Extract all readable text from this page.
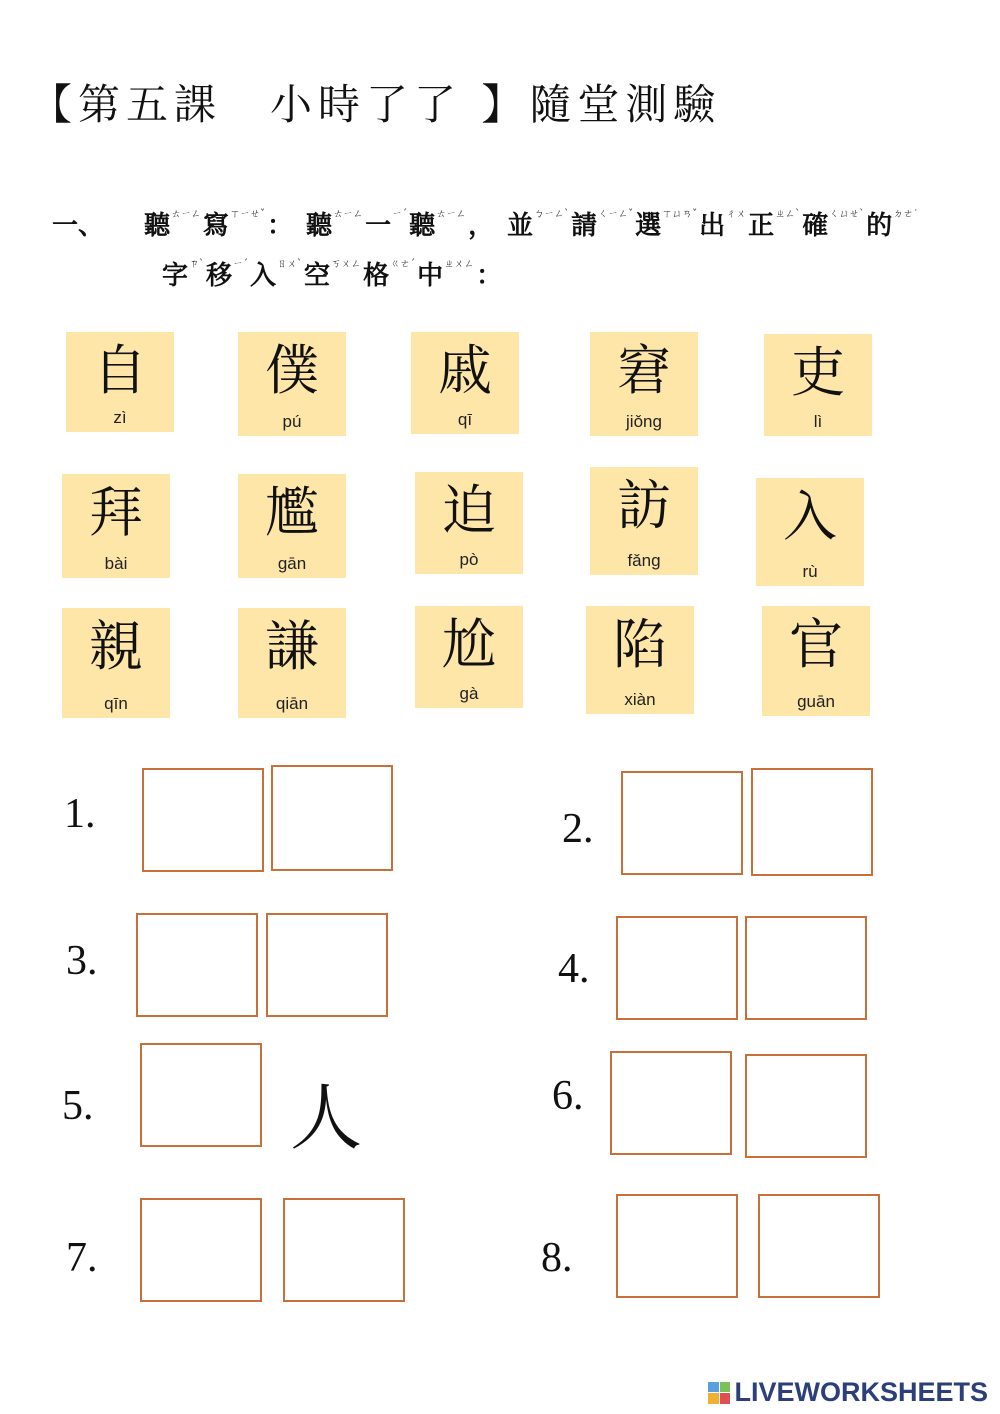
【第五課　小時了了 】隨堂測驗
一、 聽$^{ㄊㄧㄥ}$寫$^{ㄒㄧㄝˇ}$：　聽$^{ㄊㄧㄥ}$一$^{ㄧˊ}$聽$^{ㄊㄧㄥ}$，　並$^{ㄅㄧㄥˋ}$請$^{ㄑㄧㄥˇ}$選$^{ㄒㄩㄢˇ}$出$^{ㄔㄨ}$正$^{ㄓㄥˋ}$確$^{ㄑㄩㄝˋ}$的$^{ㄉㄜ˙}$
字$^{ㄗˋ}$移$^{ㄧˊ}$入$^{ㄖㄨˋ}$空$^{ㄎㄨㄥ}$格$^{ㄍㄜˊ}$中$^{ㄓㄨㄥ}$：
自
zì
僕
pú
戚
qī
窘
jiǒng
吏
lì
拜
bài
尷
gān
迫
pò
訪
fǎng
入
rù
親
qīn
謙
qiān
尬
gà
陷
xiàn
官
guān
1.	2.
3.	4.
5.	人	6.
7.	8.
LIVEWORKSHEETS
